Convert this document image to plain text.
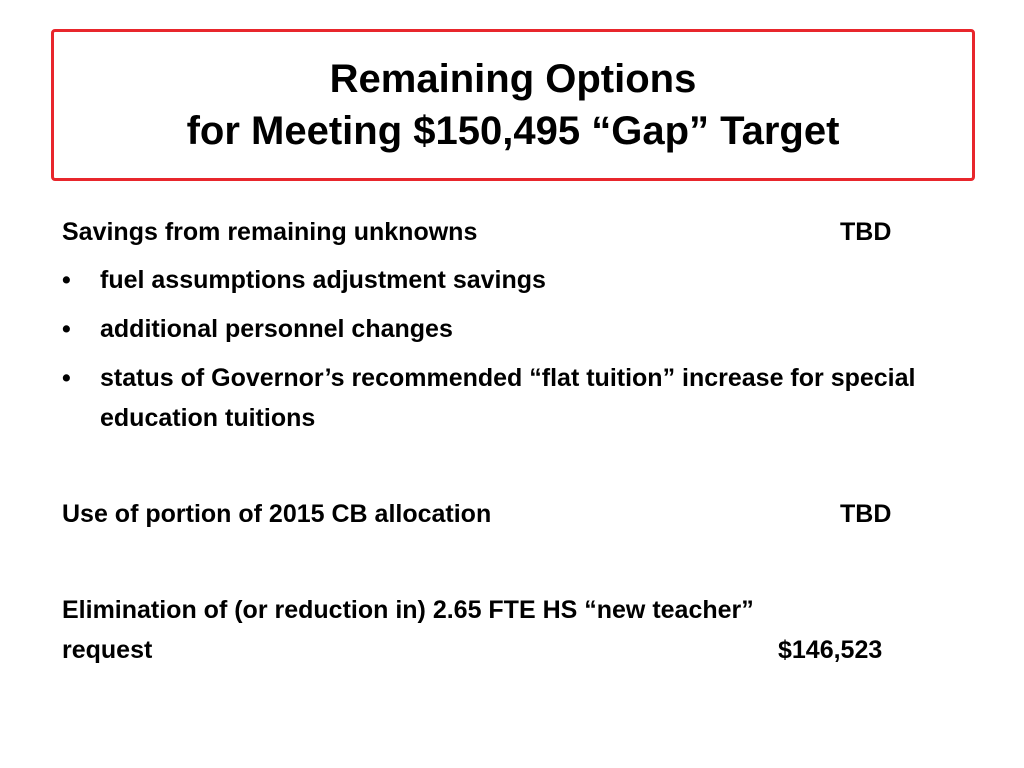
Remaining Options
for Meeting $150,495 “Gap” Target
Savings from remaining unknowns	TBD
•	fuel assumptions adjustment savings
•	additional personnel changes
•	status of Governor’s recommended “flat tuition” increase for special education tuitions
Use of portion of 2015 CB allocation	TBD
Elimination of (or reduction in) 2.65 FTE HS “new teacher”
request	$146,523
